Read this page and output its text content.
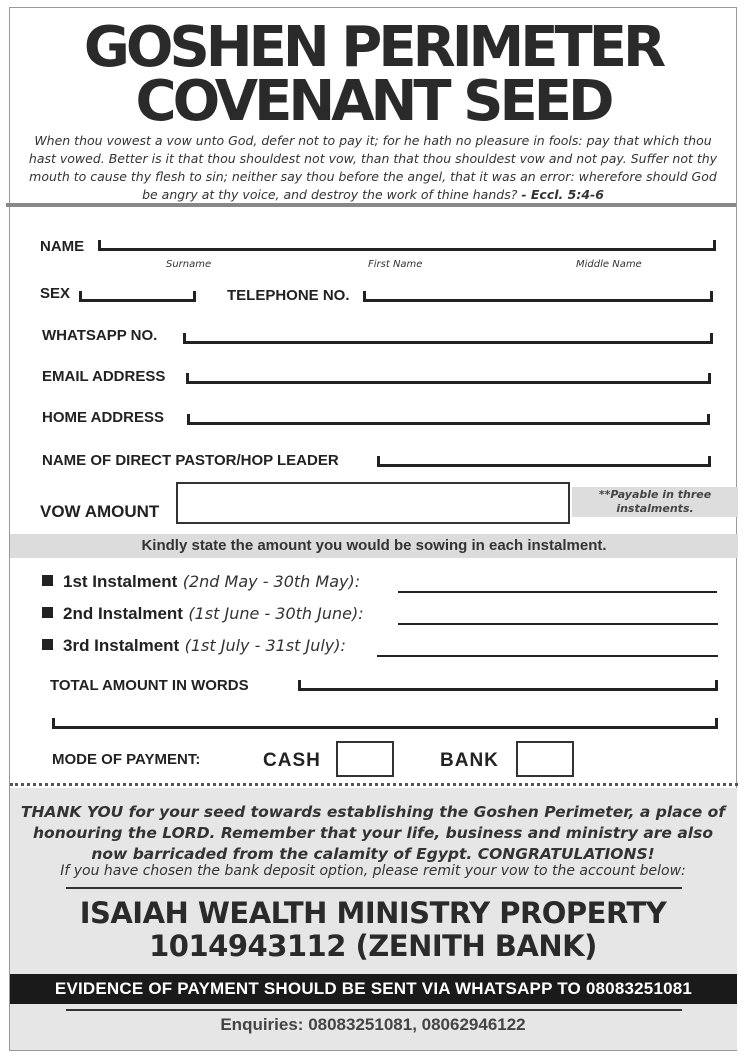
GOSHEN PERIMETER
COVENANT SEED
When thou vowest a vow unto God, defer not to pay it; for he hath no pleasure in fools: pay that which thou hast vowed. Better is it that thou shouldest not vow, than that thou shouldest vow and not pay. Suffer not thy mouth to cause thy flesh to sin; neither say thou before the angel, that it was an error: wherefore should God be angry at thy voice, and destroy the work of thine hands? - Eccl. 5:4-6
NAME
Surname	First Name	Middle Name
SEX	TELEPHONE NO.
WHATSAPP NO.
EMAIL ADDRESS
HOME ADDRESS
NAME OF DIRECT PASTOR/HOP LEADER
VOW AMOUNT
**Payable in three instalments.
Kindly state the amount you would be sowing in each instalment.
1st Instalment (2nd May - 30th May):
2nd Instalment (1st June - 30th June):
3rd Instalment (1st July - 31st July):
TOTAL AMOUNT IN WORDS
MODE OF PAYMENT:	CASH	BANK
THANK YOU for your seed towards establishing the Goshen Perimeter, a place of honouring the LORD. Remember that your life, business and ministry are also now barricaded from the calamity of Egypt. CONGRATULATIONS!
If you have chosen the bank deposit option, please remit your vow to the account below:
ISAIAH WEALTH MINISTRY PROPERTY
1014943112 (ZENITH BANK)
EVIDENCE OF PAYMENT SHOULD BE SENT VIA WHATSAPP TO 08083251081
Enquiries: 08083251081, 08062946122
